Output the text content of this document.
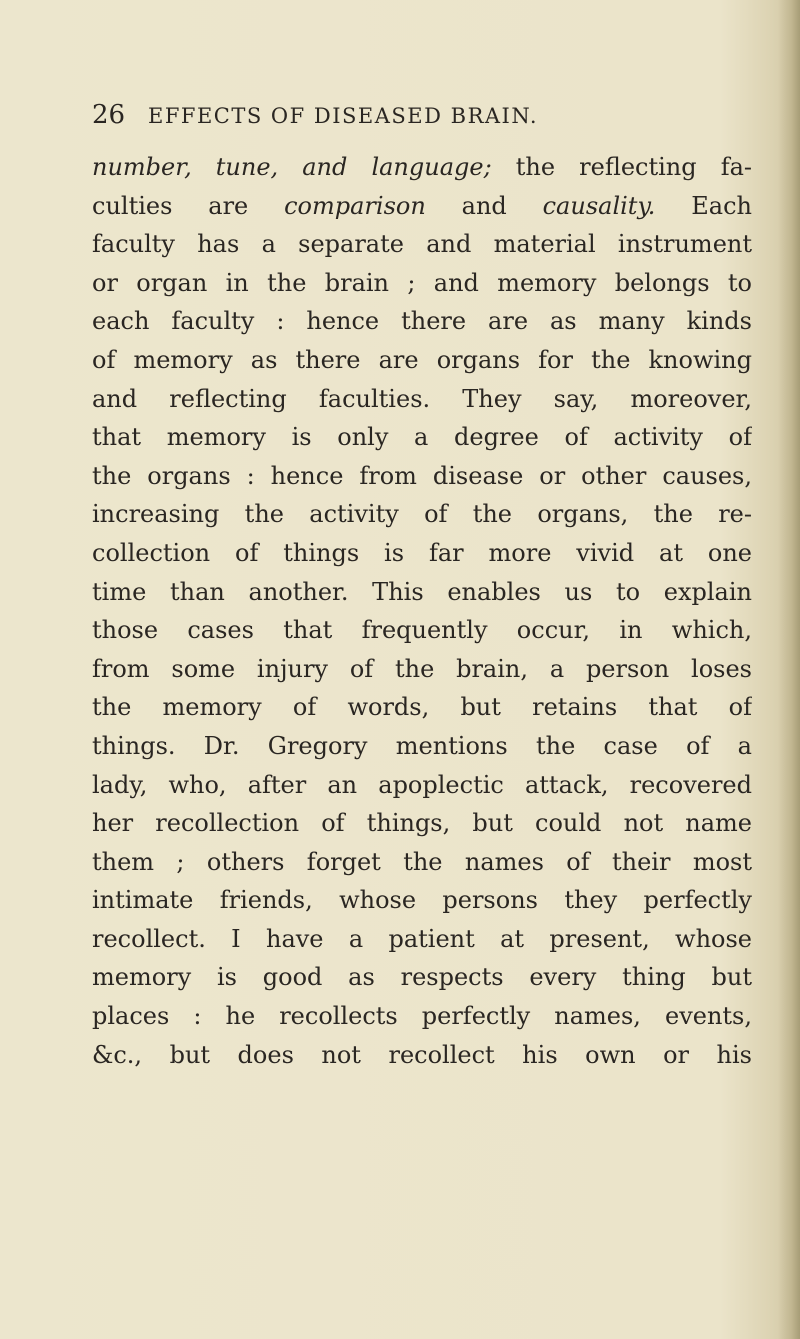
26 EFFECTS OF DISEASED BRAIN.
number, tune, and language; the reflecting fa-
culties are comparison and causality. Each
faculty has a separate and material instrument
or organ in the brain ; and memory belongs to
each faculty : hence there are as many kinds
of memory as there are organs for the knowing
and reflecting faculties. They say, moreover,
that memory is only a degree of activity of
the organs : hence from disease or other causes,
increasing the activity of the organs, the re-
collection of things is far more vivid at one
time than another. This enables us to explain
those cases that frequently occur, in which,
from some injury of the brain, a person loses
the memory of words, but retains that of
things. Dr. Gregory mentions the case of a
lady, who, after an apoplectic attack, recovered
her recollection of things, but could not name
them ; others forget the names of their most
intimate friends, whose persons they perfectly
recollect. I have a patient at present, whose
memory is good as respects every thing but
places : he recollects perfectly names, events,
&c., but does not recollect his own or his
